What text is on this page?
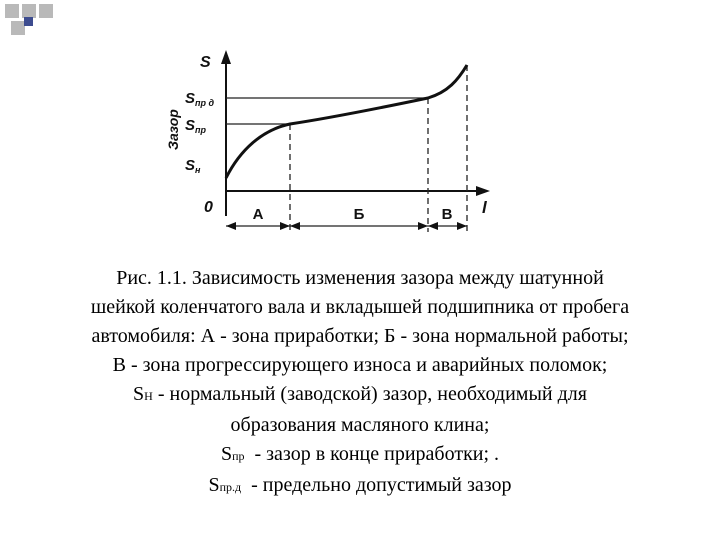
S
Зазор
$S_{пр д}$
$S_{пр}$
$S_н$
0	l
А	Б	В
Рис. 1.1. Зависимость изменения зазора между шатунной
шейкой коленчатого вала и вкладышей подшипника от пробега
автомобиля: А - зона приработки; Б - зона нормальной работы;
В - зона прогрессирующего износа и аварийных поломок;
SН - нормальный (заводской) зазор, необходимый для
образования масляного клина;
Sпр  - зазор в конце приработки; .
Sпр.д  - предельно допустимый зазор
